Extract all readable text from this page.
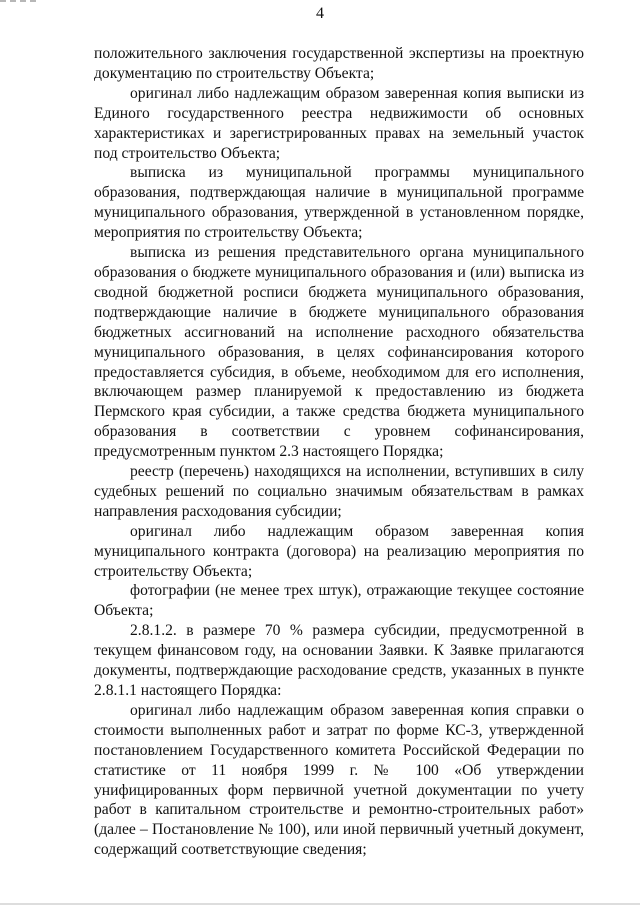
4

положительного заключения государственной экспертизы на проектную документацию по строительству Объекта;

оригинал либо надлежащим образом заверенная копия выписки из Единого государственного реестра недвижимости об основных характеристиках и зарегистрированных правах на земельный участок под строительство Объекта;

выписка из муниципальной программы муниципального образования, подтверждающая наличие в муниципальной программе муниципального образования, утвержденной в установленном порядке, мероприятия по строительству Объекта;

выписка из решения представительного органа муниципального образования о бюджете муниципального образования и (или) выписка из сводной бюджетной росписи бюджета муниципального образования, подтверждающие наличие в бюджете муниципального образования бюджетных ассигнований на исполнение расходного обязательства муниципального образования, в целях софинансирования которого предоставляется субсидия, в объеме, необходимом для его исполнения, включающем размер планируемой к предоставлению из бюджета Пермского края субсидии, а также средства бюджета муниципального образования в соответствии с уровнем софинансирования, предусмотренным пунктом 2.3 настоящего Порядка;

реестр (перечень) находящихся на исполнении, вступивших в силу судебных решений по социально значимым обязательствам в рамках направления расходования субсидии;

оригинал либо надлежащим образом заверенная копия муниципального контракта (договора) на реализацию мероприятия по строительству Объекта;

фотографии (не менее трех штук), отражающие текущее состояние Объекта;

2.8.1.2. в размере 70 % размера субсидии, предусмотренной в текущем финансовом году, на основании Заявки. К Заявке прилагаются документы, подтверждающие расходование средств, указанных в пункте 2.8.1.1 настоящего Порядка:

оригинал либо надлежащим образом заверенная копия справки о стоимости выполненных работ и затрат по форме КС-3, утвержденной постановлением Государственного комитета Российской Федерации по статистике от 11 ноября 1999 г. № 100 «Об утверждении унифицированных форм первичной учетной документации по учету работ в капитальном строительстве и ремонтно-строительных работ» (далее – Постановление № 100), или иной первичный учетный документ, содержащий соответствующие сведения;
